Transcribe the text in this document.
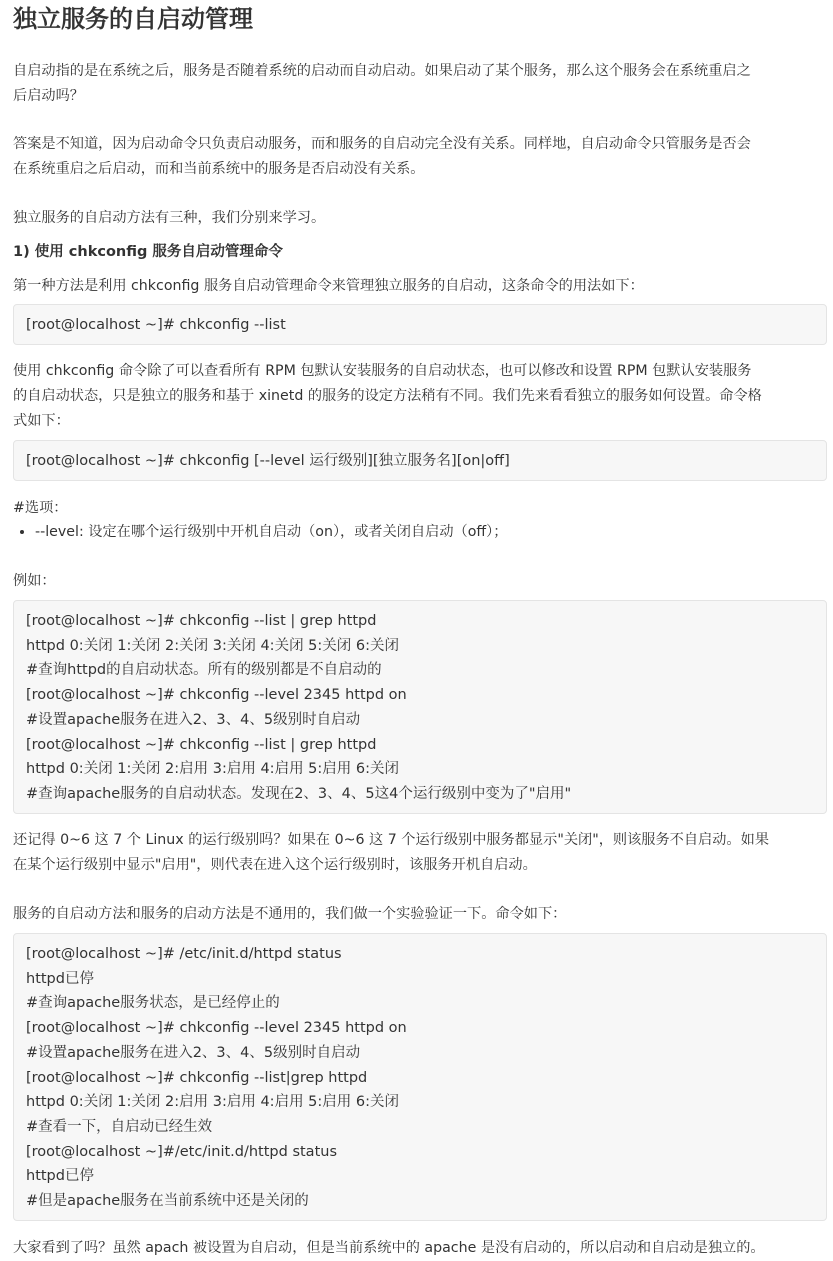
独立服务的自启动管理
自启动指的是在系统之后，服务是否随着系统的启动而自动启动。如果启动了某个服务，那么这个服务会在系统重启之
后启动吗？
答案是不知道，因为启动命令只负责启动服务，而和服务的自启动完全没有关系。同样地，自启动命令只管服务是否会
在系统重启之后启动，而和当前系统中的服务是否启动没有关系。
独立服务的自启动方法有三种，我们分别来学习。
1) 使用 chkconfig 服务自启动管理命令
第一种方法是利用 chkconfig 服务自启动管理命令来管理独立服务的自启动，这条命令的用法如下：
[root@localhost ~]# chkconfig --list
使用 chkconfig 命令除了可以查看所有 RPM 包默认安装服务的自启动状态，也可以修改和设置 RPM 包默认安装服务
的自启动状态，只是独立的服务和基于 xinetd 的服务的设定方法稍有不同。我们先来看看独立的服务如何设置。命令格
式如下：
[root@localhost ~]# chkconfig [--level 运行级别][独立服务名][on|off]
#选项：
• --level: 设定在哪个运行级别中开机自启动（on），或者关闭自启动（off）；
例如：
[root@localhost ~]# chkconfig --list | grep httpd
httpd 0:关闭 1:关闭 2:关闭 3:关闭 4:关闭 5:关闭 6:关闭
#查询httpd的自启动状态。所有的级别都是不自启动的
[root@localhost ~]# chkconfig --level 2345 httpd on
#设置apache服务在进入2、3、4、5级别时自启动
[root@localhost ~]# chkconfig --list | grep httpd
httpd 0:关闭 1:关闭 2:启用 3:启用 4:启用 5:启用 6:关闭
#查询apache服务的自启动状态。发现在2、3、4、5这4个运行级别中变为了"启用"
还记得 0~6 这 7 个 Linux 的运行级别吗？如果在 0~6 这 7 个运行级别中服务都显示"关闭"，则该服务不自启动。如果
在某个运行级别中显示"启用"，则代表在进入这个运行级别时，该服务开机自启动。
服务的自启动方法和服务的启动方法是不通用的，我们做一个实验验证一下。命令如下：
[root@localhost ~]# /etc/init.d/httpd status
httpd已停
#查询apache服务状态，是已经停止的
[root@localhost ~]# chkconfig --level 2345 httpd on
#设置apache服务在进入2、3、4、5级别时自启动
[root@localhost ~]# chkconfig --list|grep httpd
httpd 0:关闭 1:关闭 2:启用 3:启用 4:启用 5:启用 6:关闭
#查看一下，自启动已经生效
[root@localhost ~]#/etc/init.d/httpd status
httpd已停
#但是apache服务在当前系统中还是关闭的
大家看到了吗？虽然 apach 被设置为自启动，但是当前系统中的 apache 是没有启动的，所以启动和自启动是独立的。
